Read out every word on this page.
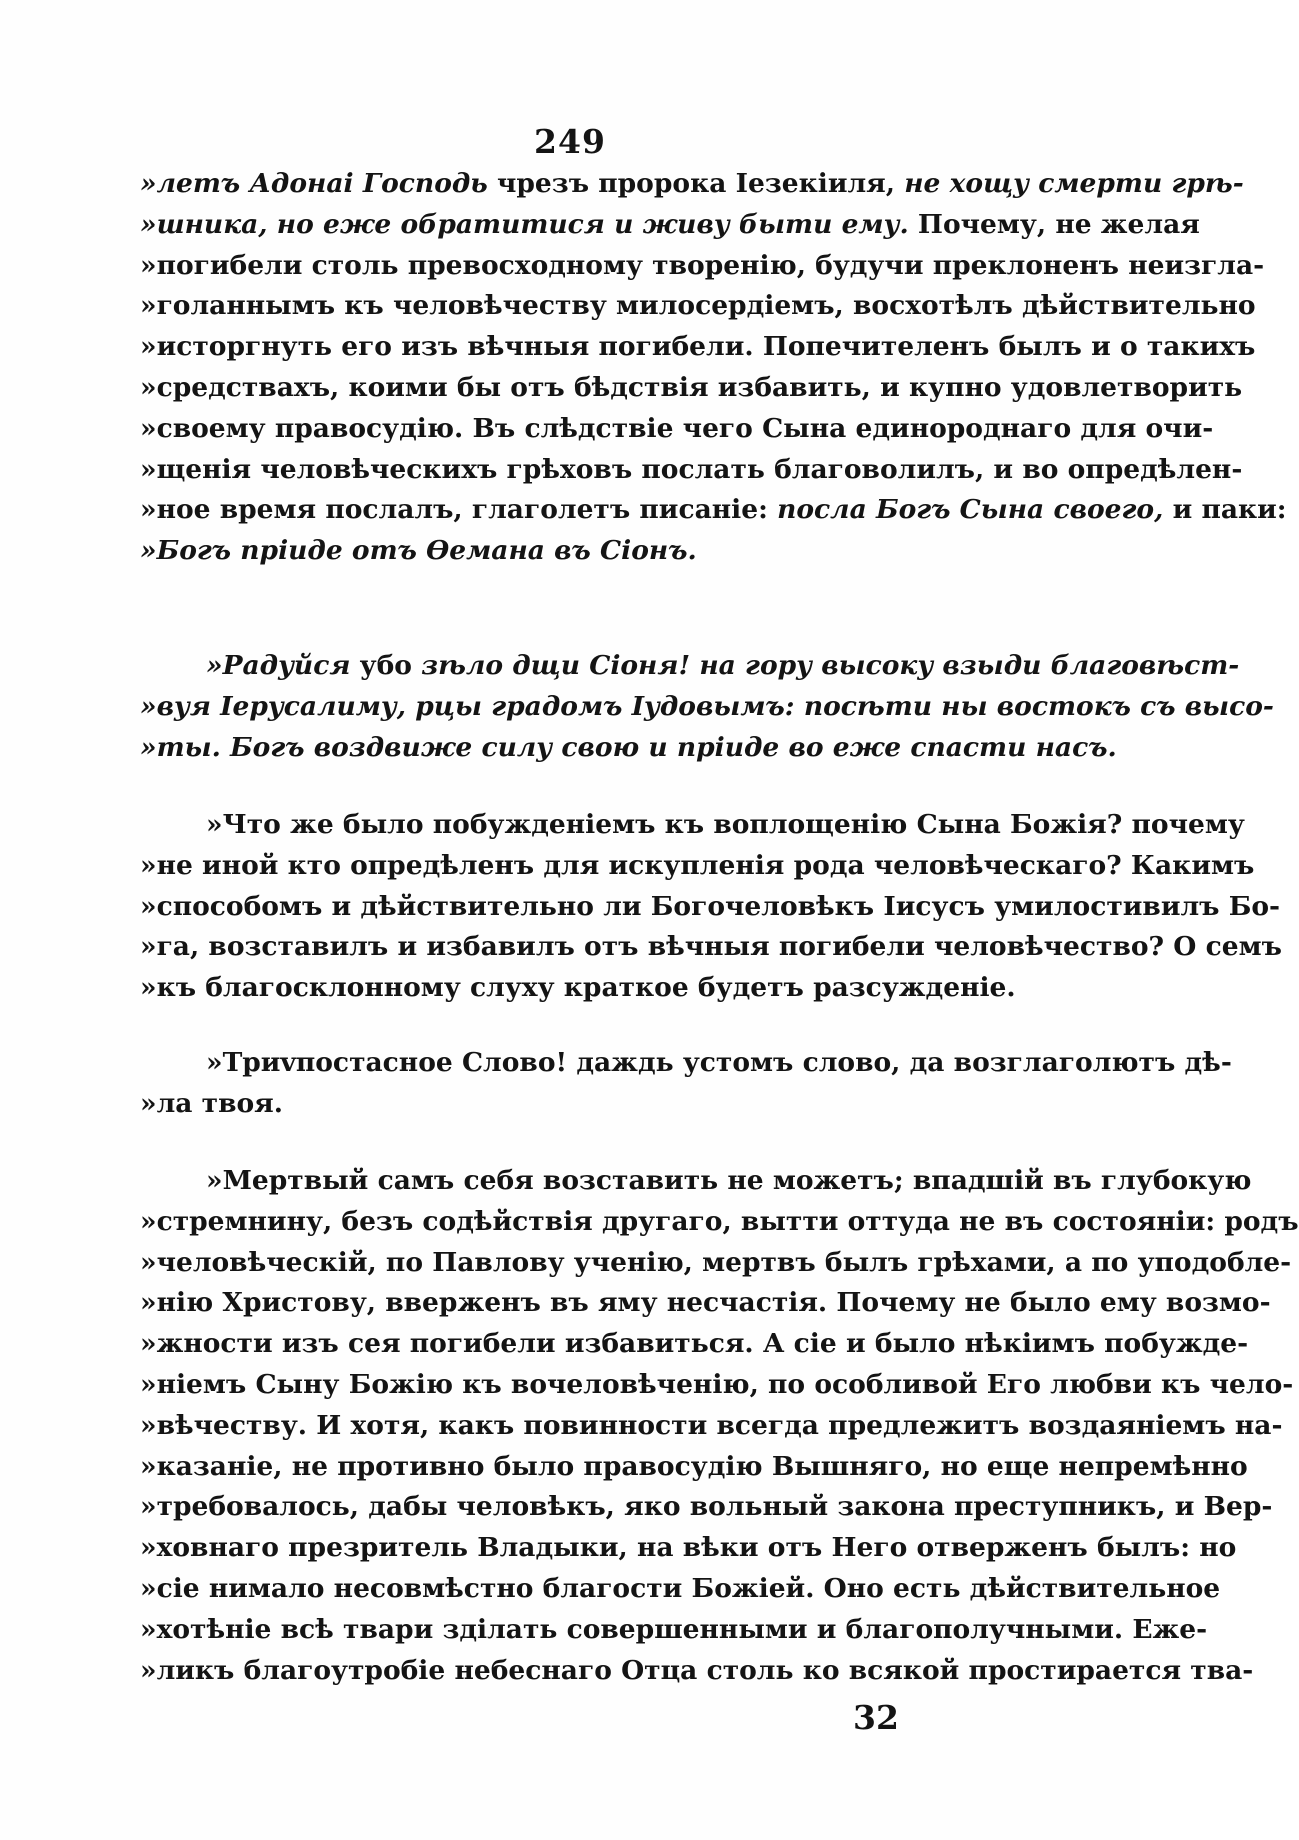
249
»летъ Адонаі Господь чрезъ пророка Іезекіиля, не хощу смерти грѣ-
»шника, но еже обратитися и живу быти ему. Почему, не желая
»погибели столь превосходному творенію, будучи преклоненъ неизгла-
»голаннымъ къ человѣчеству милосердіемъ, восхотѣлъ дѣйствительно
»исторгнуть его изъ вѣчныя погибели. Попечителенъ былъ и о такихъ
»средствахъ, коими бы отъ бѣдствія избавить, и купно удовлетворить
»своему правосудію. Въ слѣдствіе чего Сына единороднаго для очи-
»щенія человѣческихъ грѣховъ послать благоволилъ, и во опредѣлен-
»ное время послалъ, глаголетъ писаніе: посла Богъ Сына своего, и паки:
»Богъ пріиде отъ Ѳемана въ Сіонъ.
»Радуйся убо зѣло дщи Сіоня! на гору высоку взыди благовѣст-
»вуя Іерусалиму, рцы градомъ Іудовымъ: посѣти ны востокъ съ высо-
»ты. Богъ воздвиже силу свою и пріиде во еже спасти насъ.
»Что же было побужденіемъ къ воплощенію Сына Божія? почему
»не иной кто опредѣленъ для искупленія рода человѣческаго? Какимъ
»способомъ и дѣйствительно ли Богочеловѣкъ Іисусъ умилостивилъ Бо-
»га, возставилъ и избавилъ отъ вѣчныя погибели человѣчество? О семъ
»къ благосклонному слуху краткое будетъ разсужденіе.
»Триvпостасное Слово! даждь устомъ слово, да возглаголютъ дѣ-
»ла твоя.
»Мертвый самъ себя возставить не можетъ; впадшій въ глубокую
»стремнину, безъ содѣйствія другаго, вытти оттуда не въ состояніи: родъ
»человѣческій, по Павлову ученію, мертвъ былъ грѣхами, а по уподобле-
»нію Христову, вверженъ въ яму несчастія. Почему не было ему возмо-
»жности изъ сея погибели избавиться. А сіе и было нѣкіимъ побужде-
»ніемъ Сыну Божію къ вочеловѣченію, по особливой Его любви къ чело-
»вѣчеству. И хотя, какъ повинности всегда предлежитъ воздаяніемъ на-
»казаніе, не противно было правосудію Вышняго, но еще непремѣнно
»требовалось, дабы человѣкъ, яко вольный закона преступникъ, и Вер-
»ховнаго презритель Владыки, на вѣки отъ Него отверженъ былъ: но
»сіе нимало несовмѣстно благости Божіей. Оно есть дѣйствительное
»хотѣніе всѣ твари зділать совершенными и благополучными. Еже-
»ликъ благоутробіе небеснаго Отца столь ко всякой простирается тва-
32
